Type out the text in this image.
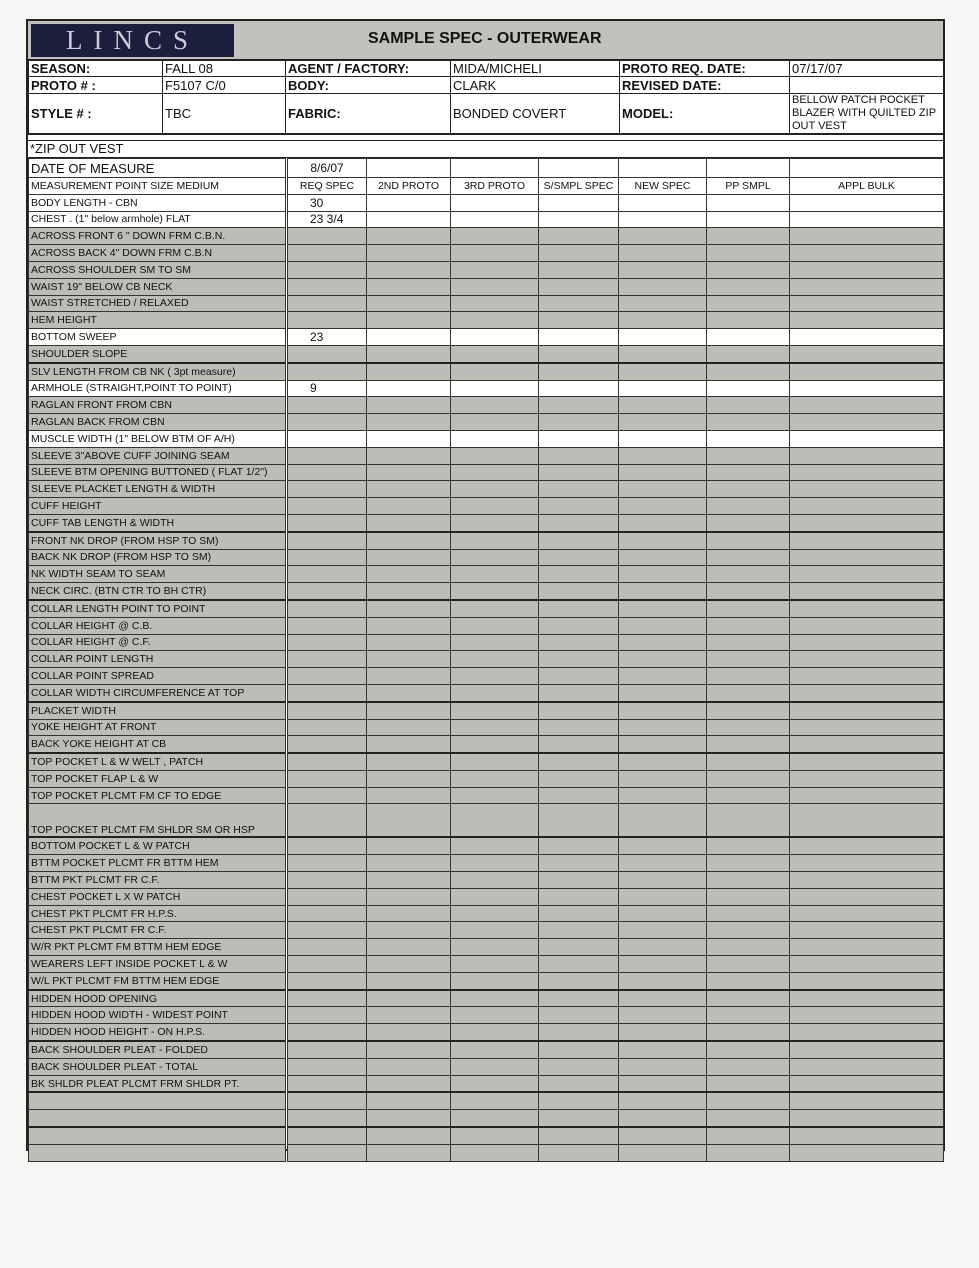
LINCS	SAMPLE SPEC - OUTERWEAR
SEASON:	FALL 08	AGENT / FACTORY:	MIDA/MICHELI	PROTO REQ. DATE:	07/17/07
PROTO # :	F5107 C/0	BODY:	CLARK	REVISED DATE:	
STYLE # :	TBC	FABRIC:	BONDED COVERT	MODEL:	BELLOW PATCH POCKET BLAZER WITH QUILTED ZIP OUT VEST
*ZIP OUT VEST
DATE OF MEASURE	8/6/07						
MEASUREMENT POINT SIZE MEDIUM	REQ SPEC	2ND PROTO	3RD PROTO	S/SMPL SPEC	NEW SPEC	PP SMPL	APPL BULK
BODY LENGTH - CBN	30						
CHEST . (1" below armhole) FLAT	23 3/4						
ACROSS FRONT 6 " DOWN FRM C.B.N.							
ACROSS BACK 4" DOWN FRM C.B.N							
ACROSS SHOULDER SM TO SM							
WAIST 19" BELOW CB NECK							
WAIST STRETCHED / RELAXED							
HEM HEIGHT							
BOTTOM SWEEP	23						
SHOULDER SLOPE							
SLV LENGTH FROM CB NK ( 3pt measure)							
ARMHOLE (STRAIGHT,POINT TO POINT)	9						
RAGLAN FRONT FROM CBN							
RAGLAN BACK FROM CBN							
MUSCLE WIDTH (1" BELOW BTM OF A/H)							
SLEEVE 3"ABOVE CUFF JOINING SEAM							
SLEEVE BTM OPENING BUTTONED ( FLAT 1/2")							
SLEEVE PLACKET LENGTH & WIDTH							
CUFF HEIGHT							
CUFF TAB LENGTH & WIDTH							
FRONT NK DROP (FROM HSP TO SM)							
BACK NK DROP (FROM HSP TO SM)							
NK WIDTH SEAM TO SEAM							
NECK CIRC. (BTN CTR TO BH CTR)							
COLLAR LENGTH POINT TO POINT							
COLLAR HEIGHT @ C.B.							
COLLAR HEIGHT @ C.F.							
COLLAR POINT LENGTH							
COLLAR POINT SPREAD							
COLLAR WIDTH CIRCUMFERENCE AT TOP							
PLACKET WIDTH							
YOKE HEIGHT AT FRONT							
BACK YOKE HEIGHT AT CB							
TOP POCKET L & W WELT , PATCH							
TOP POCKET FLAP L & W							
TOP POCKET PLCMT FM CF TO EDGE							
TOP POCKET PLCMT FM SHLDR SM OR HSP							
BOTTOM POCKET L & W PATCH							
BTTM POCKET PLCMT FR BTTM HEM							
BTTM PKT PLCMT FR C.F.							
CHEST POCKET L X W PATCH							
CHEST PKT PLCMT FR H.P.S.							
CHEST PKT PLCMT FR C.F.							
W/R PKT PLCMT FM BTTM HEM EDGE							
WEARERS LEFT INSIDE POCKET L & W							
W/L PKT PLCMT FM BTTM HEM EDGE							
HIDDEN HOOD OPENING							
HIDDEN HOOD WIDTH - WIDEST POINT							
HIDDEN HOOD HEIGHT - ON H.P.S.							
BACK SHOULDER PLEAT - FOLDED							
BACK SHOULDER PLEAT - TOTAL							
BK SHLDR PLEAT PLCMT FRM SHLDR PT.							
